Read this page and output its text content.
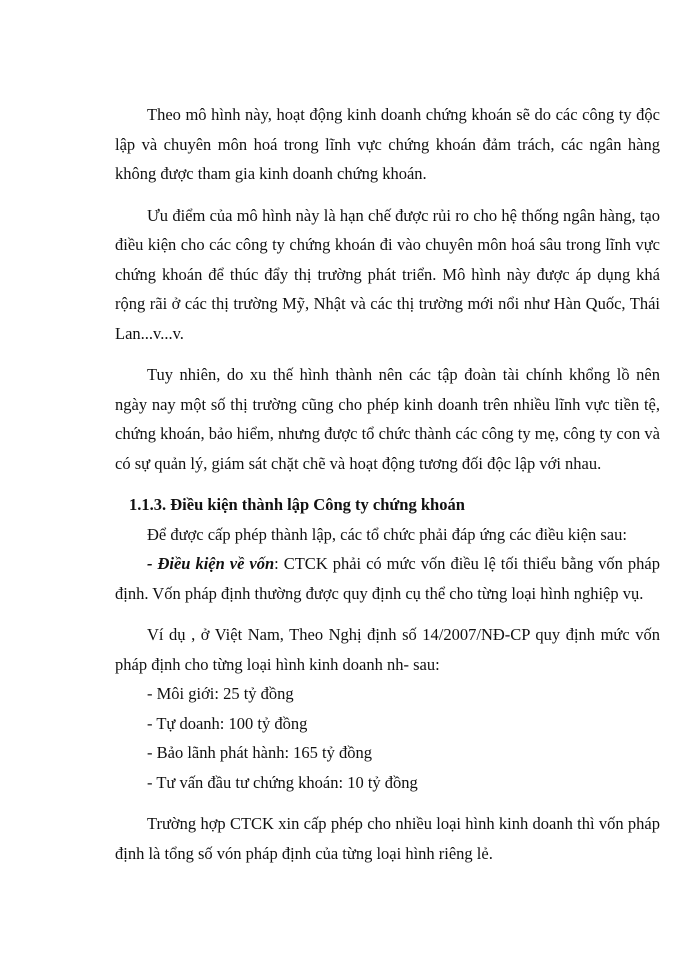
Theo mô hình này, hoạt động kinh doanh chứng khoán sẽ do các công ty độc lập và chuyên môn hoá trong lĩnh vực chứng khoán đảm trách, các ngân hàng không được tham gia kinh doanh chứng khoán.

Ưu điểm của mô hình này là hạn chế được rủi ro cho hệ thống ngân hàng, tạo điều kiện cho các công ty chứng khoán đi vào chuyên môn hoá sâu trong lĩnh vực chứng khoán để thúc đẩy thị trường phát triển. Mô hình này được áp dụng khá rộng rãi ở các thị trường Mỹ, Nhật và các thị trường mới nổi như Hàn Quốc, Thái Lan...v...v.

Tuy nhiên, do xu thế hình thành nên các tập đoàn tài chính khổng lồ nên ngày nay một số thị trường cũng cho phép kinh doanh trên nhiều lĩnh vực tiền tệ, chứng khoán, bảo hiểm, nhưng được tổ chức thành các công ty mẹ, công ty con và có sự quản lý, giám sát chặt chẽ và hoạt động tương đối độc lập với nhau.

1.1.3. Điều kiện thành lập Công ty chứng khoán

Để được cấp phép thành lập, các tổ chức phải đáp ứng các điều kiện sau:

- Điều kiện về vốn: CTCK phải có mức vốn điều lệ tối thiểu bằng vốn pháp định. Vốn pháp định thường được quy định cụ thể cho từng loại hình nghiệp vụ.

Ví dụ , ở Việt Nam, Theo Nghị định số 14/2007/NĐ-CP quy định mức vốn pháp định cho từng loại hình kinh doanh nh- sau:

- Môi giới: 25 tỷ đồng

- Tự doanh: 100 tỷ đồng

- Bảo lãnh phát hành: 165 tỷ đồng

- Tư vấn đầu tư chứng khoán: 10 tỷ đồng

Trường hợp CTCK xin cấp phép cho nhiều loại hình kinh doanh thì vốn pháp định là tổng số vón pháp định của từng loại hình riêng lẻ.
